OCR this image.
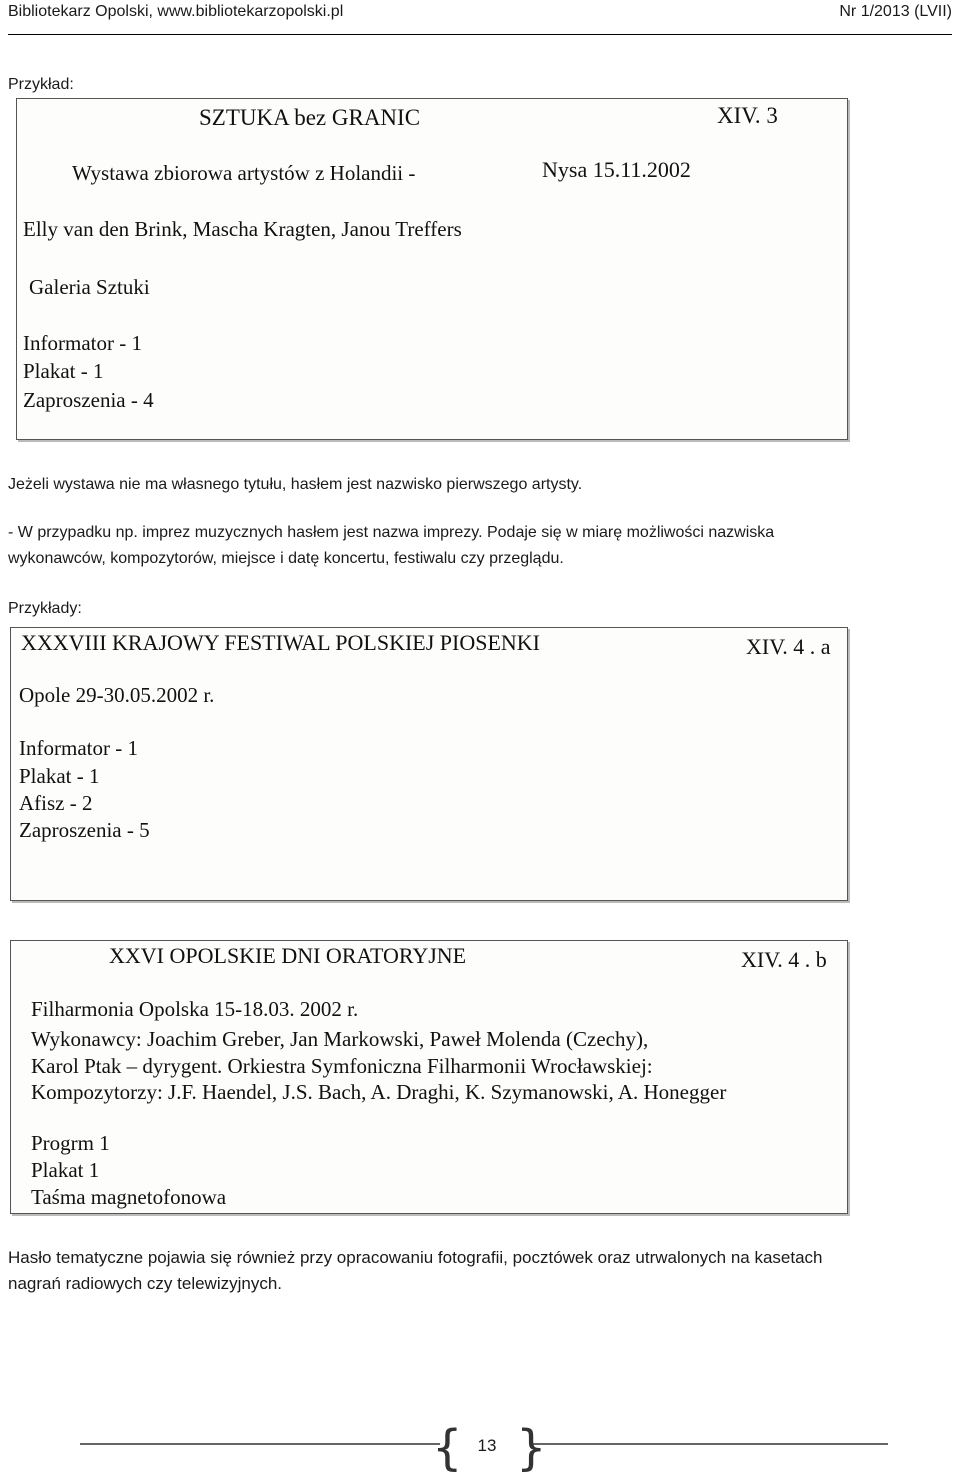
Bibliotekarz Opolski, www.bibliotekarzopolski.pl	Nr 1/2013 (LVII)
Przykład:
SZTUKA bez GRANIC	XIV. 3
Wystawa zbiorowa artystów z Holandii -	Nysa 15.11.2002
Elly van den Brink, Mascha Kragten, Janou Treffers
Galeria Sztuki
Informator - 1
Plakat - 1
Zaproszenia - 4
Jeżeli wystawa nie ma własnego tytułu, hasłem jest nazwisko pierwszego artysty.
- W przypadku np. imprez muzycznych hasłem jest nazwa imprezy. Podaje się w miarę możliwości nazwiska
wykonawców, kompozytorów, miejsce i datę koncertu, festiwalu czy przeglądu.
Przykłady:
XXXVIII KRAJOWY FESTIWAL POLSKIEJ PIOSENKI	XIV. 4 . a
Opole 29-30.05.2002 r.
Informator - 1
Plakat - 1
Afisz - 2
Zaproszenia - 5
XXVI OPOLSKIE DNI ORATORYJNE	XIV. 4 . b
Filharmonia Opolska 15-18.03. 2002 r.
Wykonawcy: Joachim Greber, Jan Markowski, Paweł Molenda (Czechy),
Karol Ptak – dyrygent. Orkiestra Symfoniczna Filharmonii Wrocławskiej:
Kompozytorzy: J.F. Haendel, J.S. Bach, A. Draghi, K. Szymanowski, A. Honegger
Progrm 1
Plakat 1
Taśma magnetofonowa
Hasło tematyczne pojawia się również przy opracowaniu fotografii, pocztówek oraz utrwalonych na kasetach
nagrań radiowych czy telewizyjnych.
{ }
13
